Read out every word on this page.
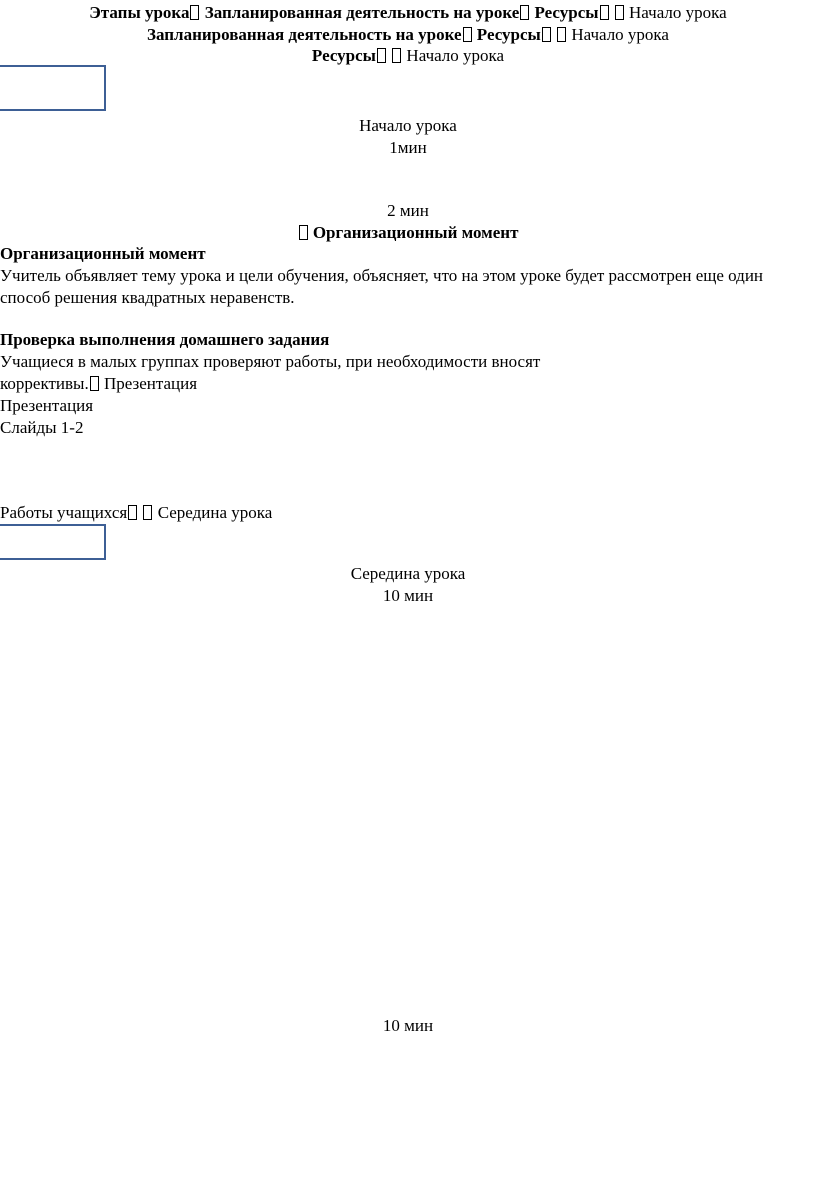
Этапы урока Запланированная деятельность на уроке Ресурсы Начало урока
Запланированная деятельность на уроке Ресурсы Начало урока
Ресурсы Начало урока
Начало урока
1мин
2 мин
Организационный момент
Организационный момент
Учитель объявляет тему урока и цели обучения, объясняет, что на этом уроке будет рассмотрен еще один способ решения квадратных неравенств.
Проверка выполнения домашнего задания
Учащиеся в малых группах проверяют работы, при необходимости вносят
коррективы. Презентация
Презентация
Слайды 1-2
Работы учащихся Середина урока
Середина урока
10 мин
10 мин
